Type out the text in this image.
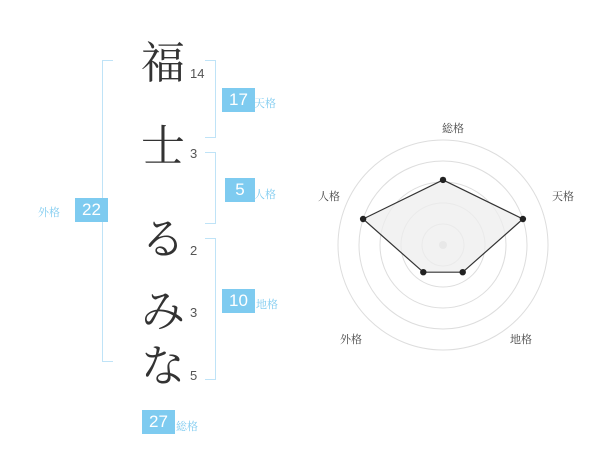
22
外格
福 14
士 3
る 2
み 3
な 5
17 天格
5 人格
10 地格
27 総格
総格
天格
地格
外格
人格
